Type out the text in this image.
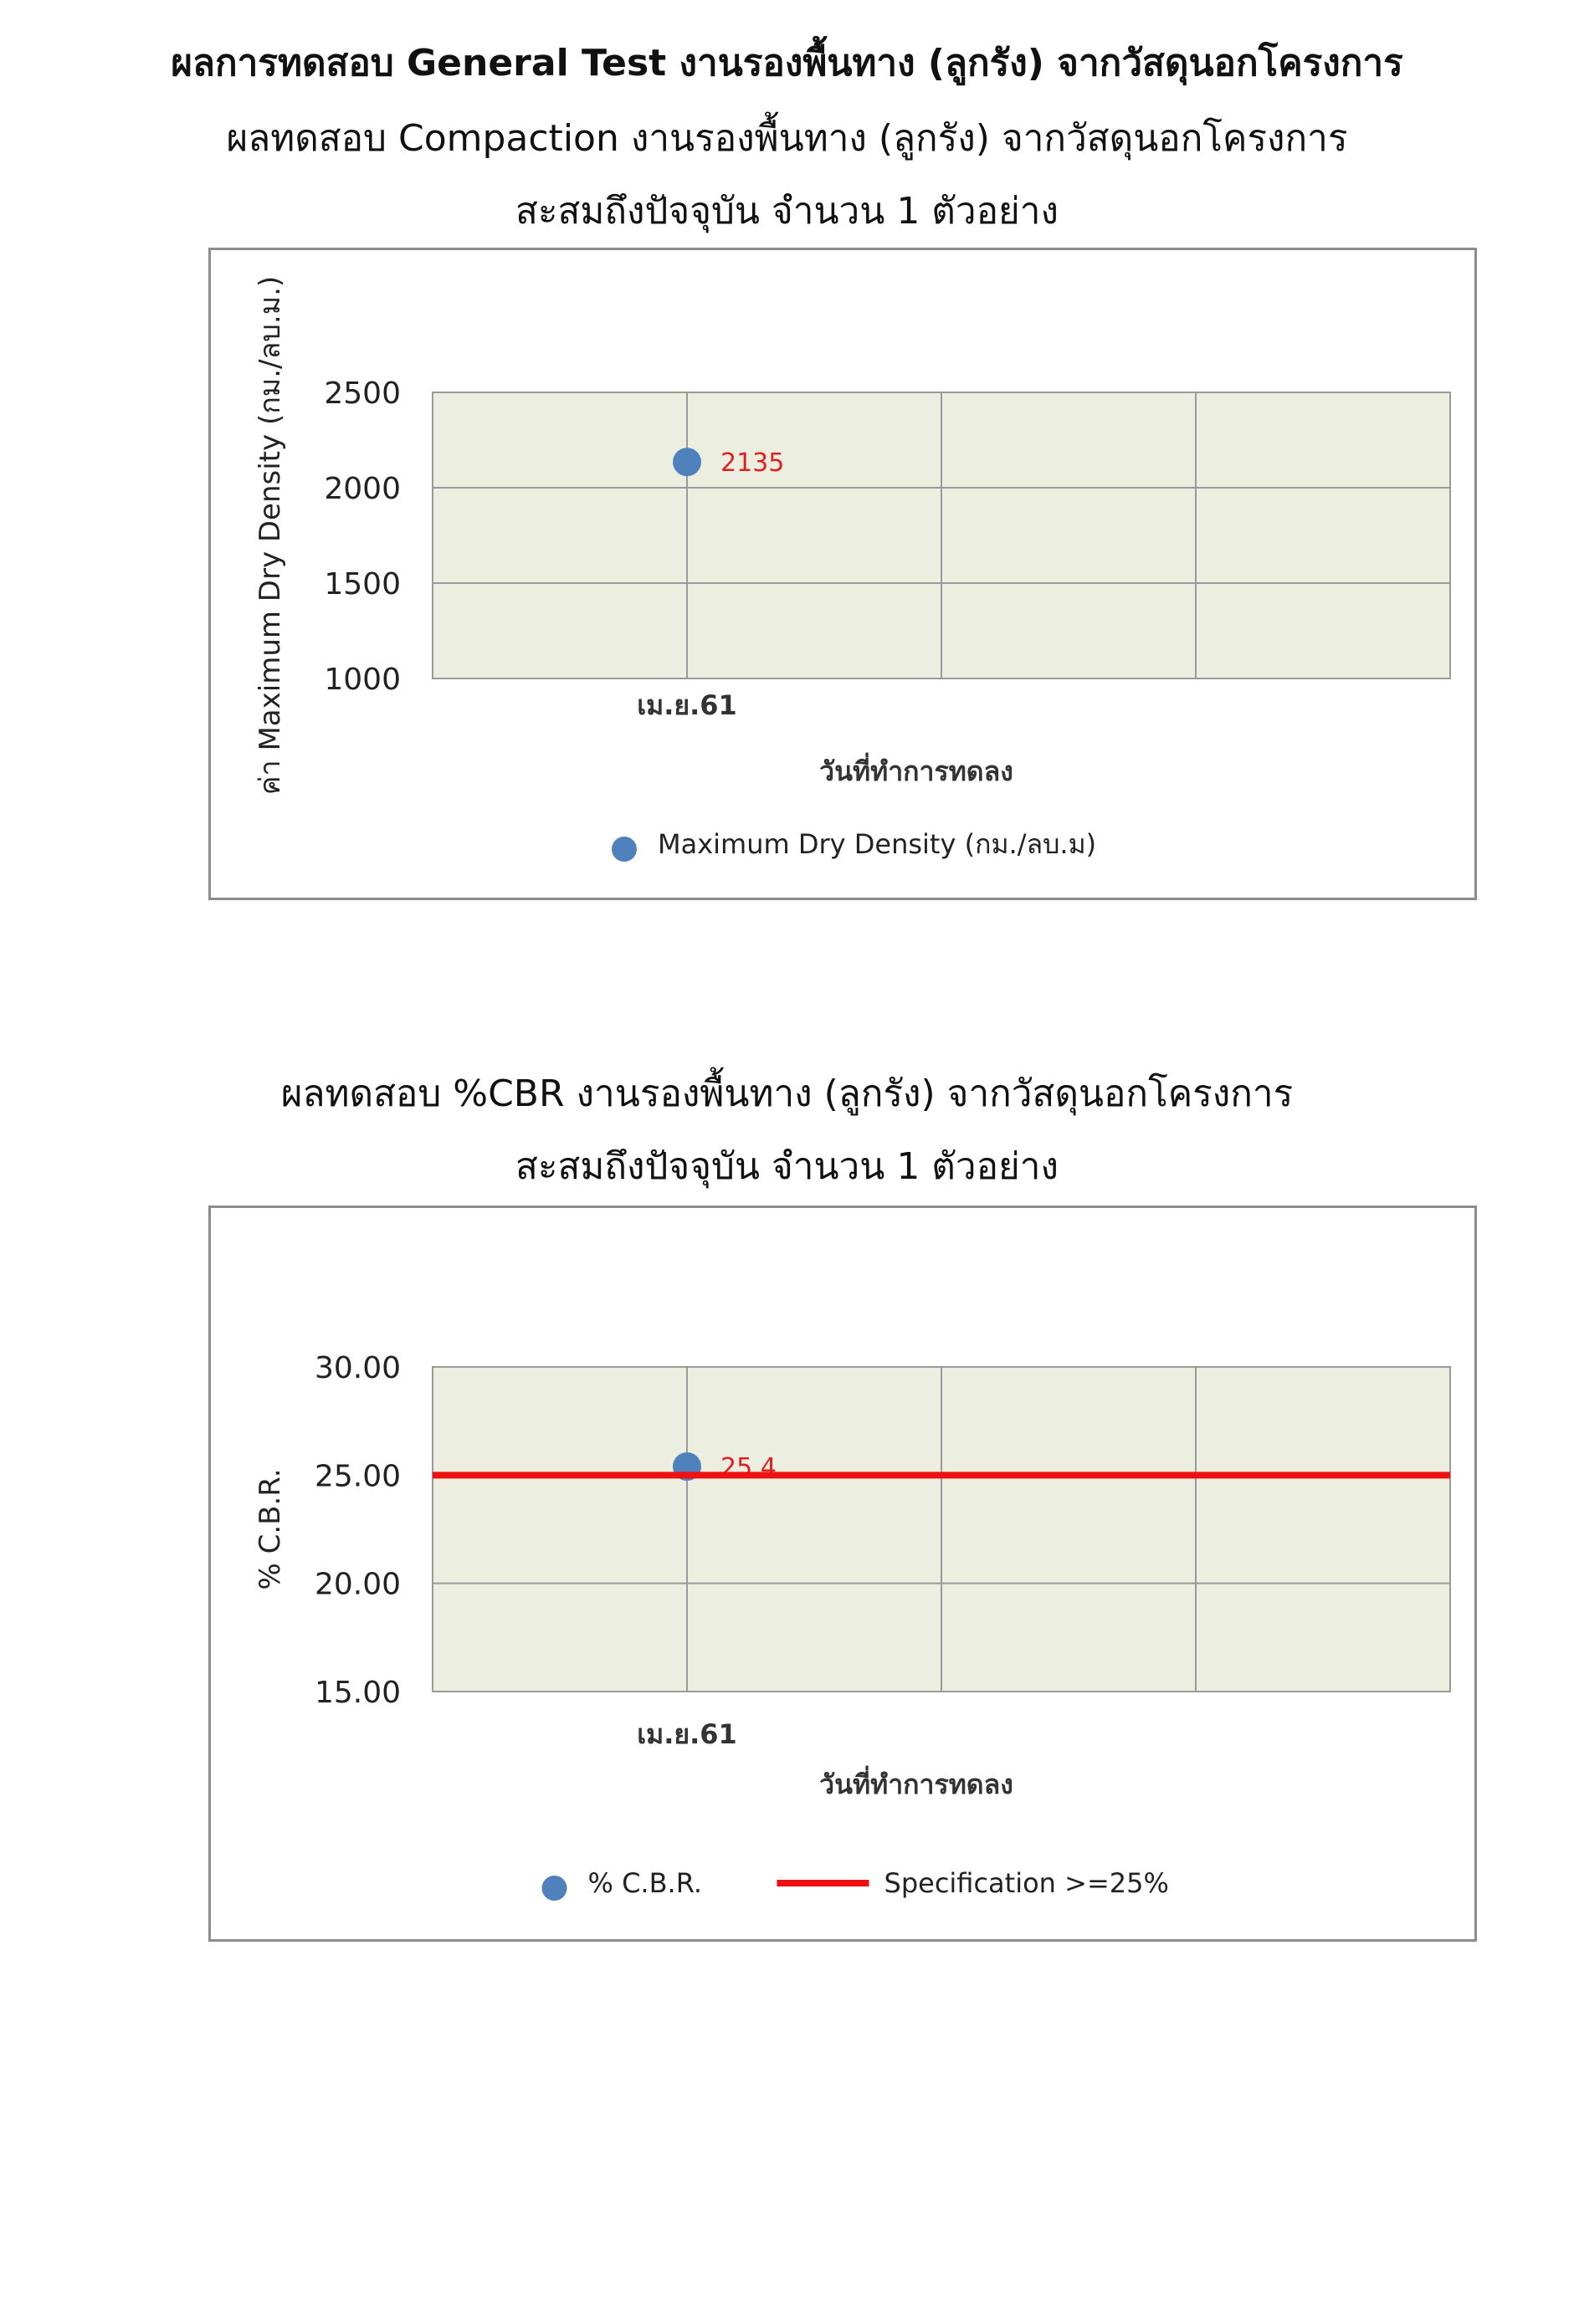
ผลการทดสอบ General Test งานรองพื้นทาง (ลูกรัง) จากวัสดุนอกโครงการ
ผลทดสอบ Compaction งานรองพื้นทาง (ลูกรัง) จากวัสดุนอกโครงการ
สะสมถึงปัจจุบัน จำนวน 1 ตัวอย่าง
1000
1500
2000
2500
เม.ย.61
วันที่ทำการทดลง
ค่า Maximum Dry Density (กม./ลบ.ม.)	2135
Maximum Dry Density (กม./ลบ.ม)
ผลทดสอบ %CBR งานรองพื้นทาง (ลูกรัง) จากวัสดุนอกโครงการ
สะสมถึงปัจจุบัน จำนวน 1 ตัวอย่าง
15.00
20.00
25.00
30.00
เม.ย.61
วันที่ทำการทดลง
% C.B.R.
25.4
% C.B.R.	Specification >=25%
